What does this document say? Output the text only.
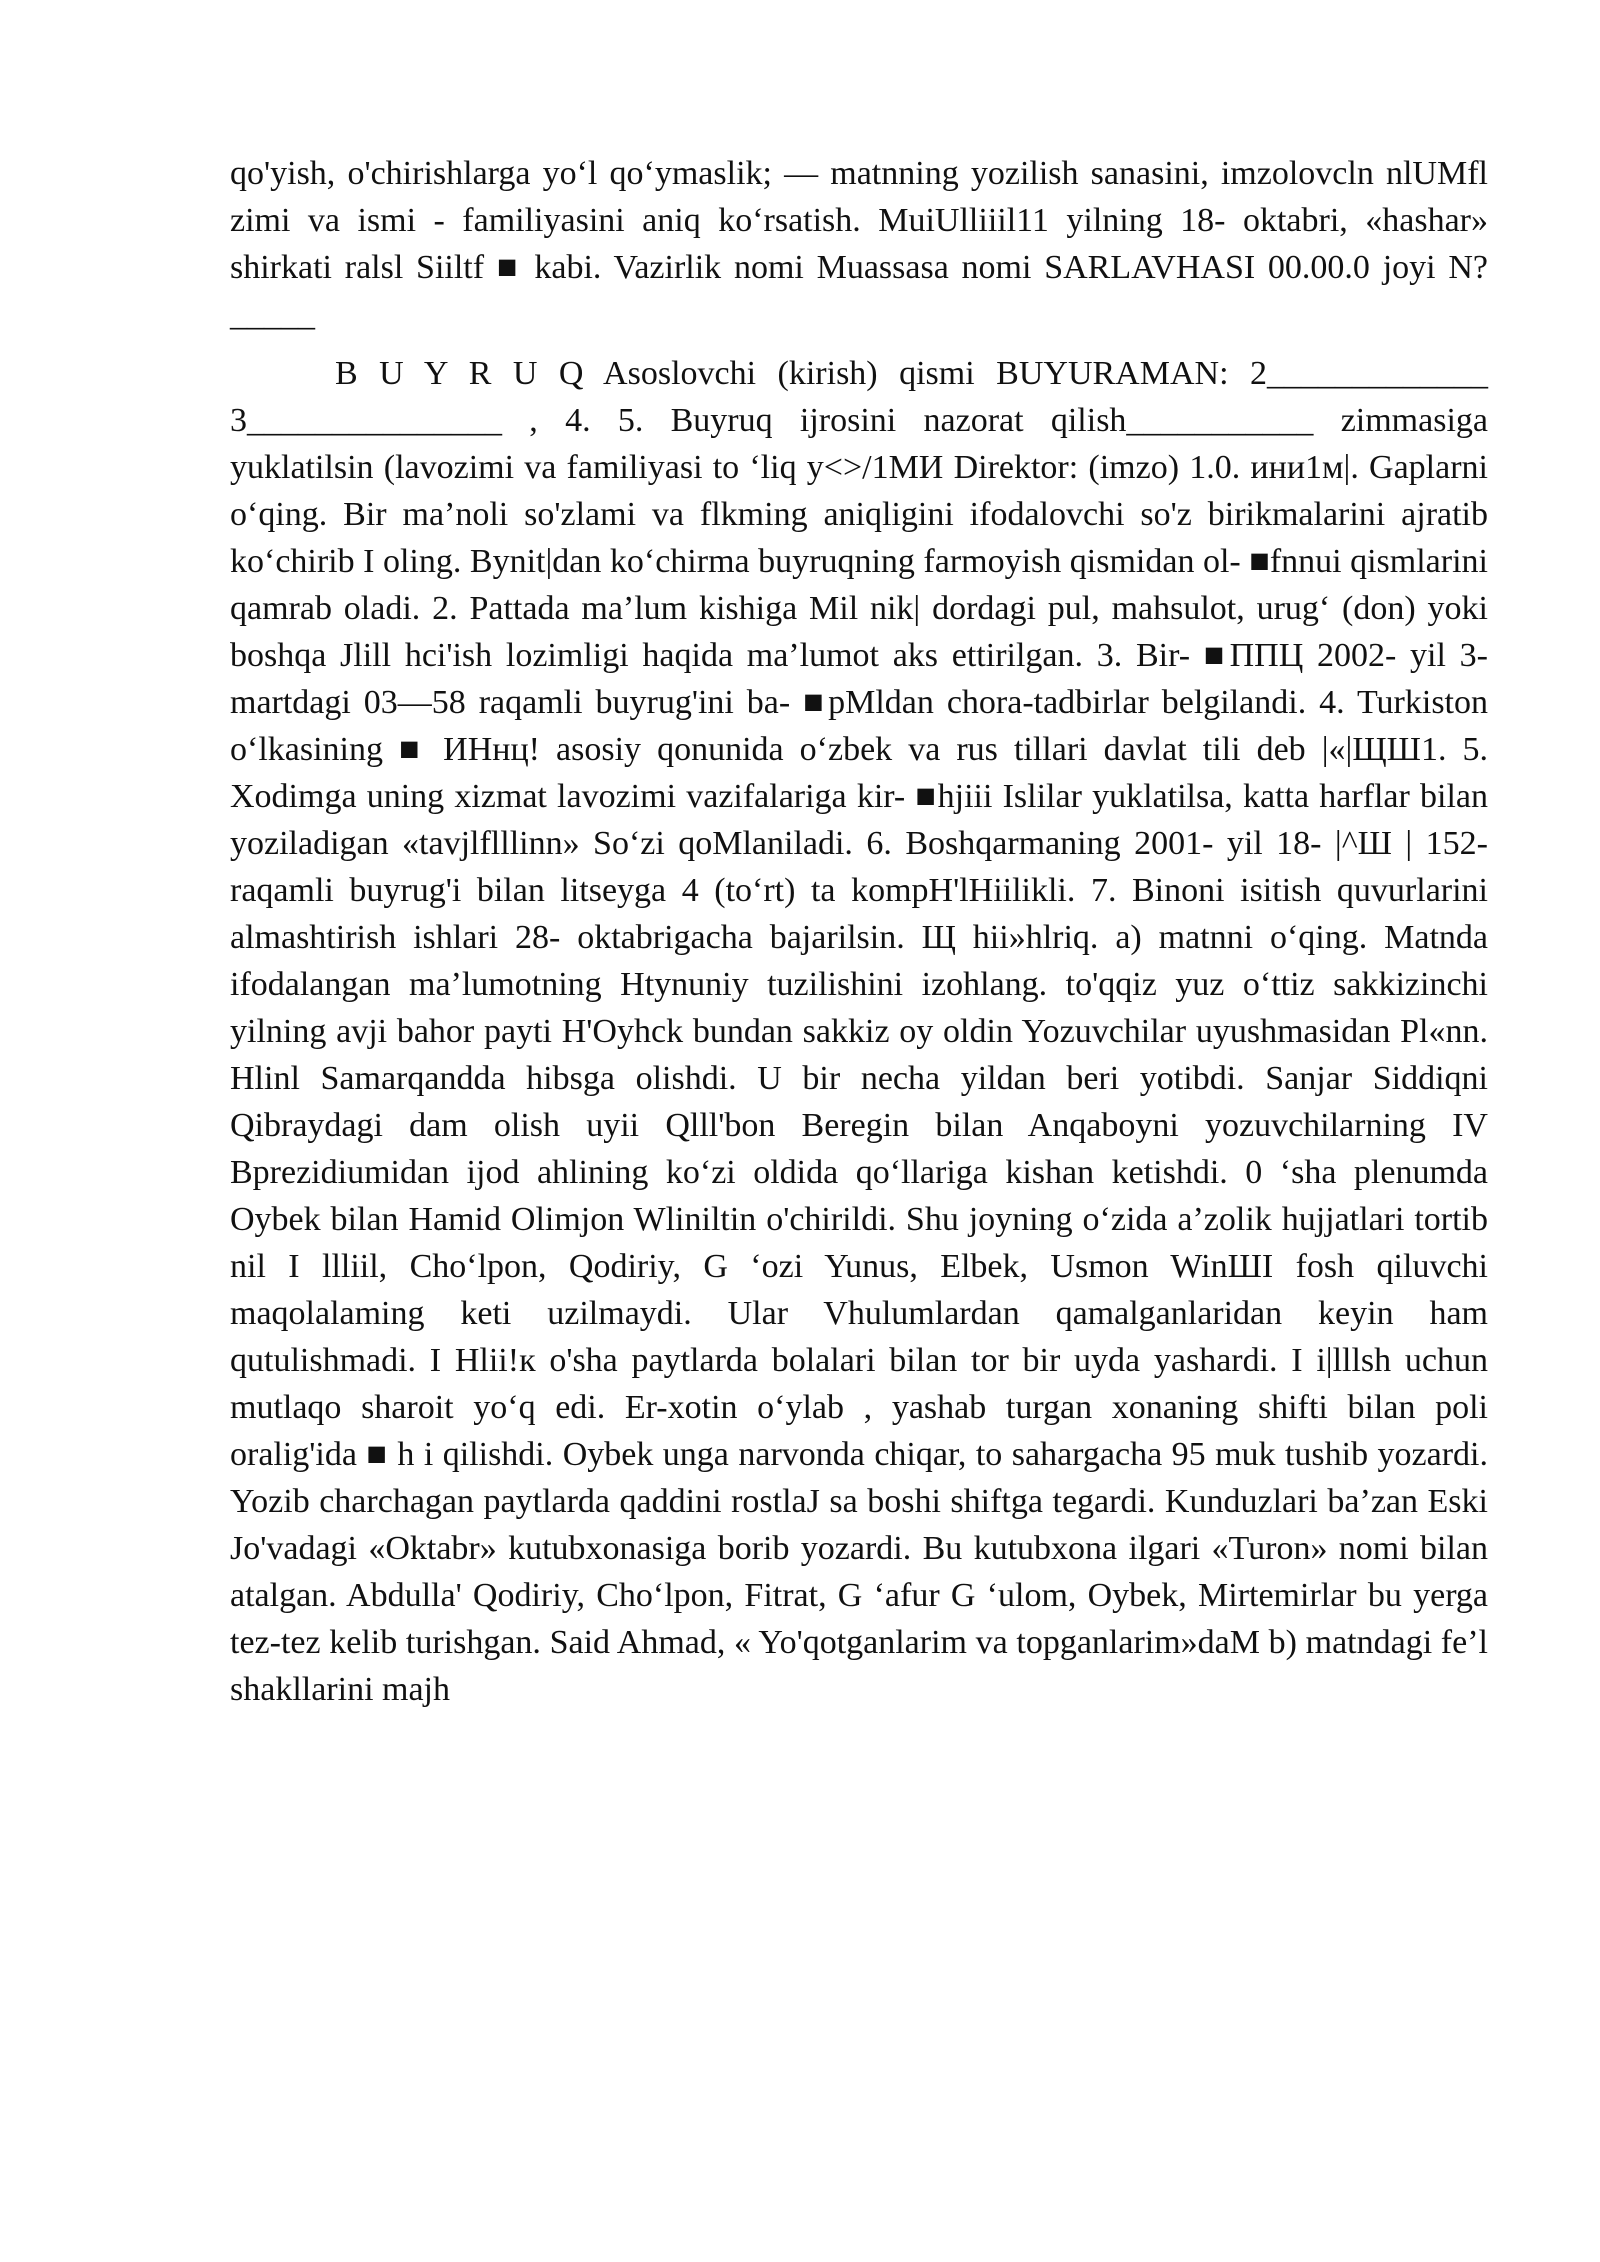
qo'yish, o'chirishlarga yo‘l qo‘ymaslik; — matnning yozilish sanasini, imzolovcln nlUMfl zimi va ismi - familiyasini aniq ko‘rsatish. MuiUlliiil11 yilning 18- oktabri, «hashar» shirkati ralsl Siiltf ■ kabi. Vazirlik nomi Muassasa nomi SARLAVHASI 00.00.0 joyi N?_____

B U Y R U Q Asoslovchi (kirish) qismi BUYURAMAN: 2_____________ 3_______________ , 4. 5. Buyruq ijrosini nazorat qilish___________ zimmasiga yuklatilsin (lavozimi va familiyasi to ‘liq y<>/1МИ Direktor: (imzo) 1.0. ини1м|. Gaplarni o‘qing. Bir ma’noli so'zlami va flkming aniqligini ifodalovchi so'z birikmalarini ajratib ko‘chirib I oling. Bynit|dan ko‘chirma buyruqning farmoyish qismidan ol- ■fnnui qismlarini qamrab oladi. 2. Pattada ma’lum kishiga Mil nik| dordagi pul, mahsulot, urug‘ (don) yoki boshqa Jlill hci'ish lozimligi haqida ma’lumot aks ettirilgan. 3. Bir- ■ППЦ 2002- yil 3- martdagi 03—58 raqamli buyrug'ini ba- ■pMldan chora-tadbirlar belgilandi. 4. Turkiston o‘lkasining ■ ИНнц! asosiy qonunida o‘zbek va rus tillari davlat tili deb |«|ЩШ1. 5. Xodimga uning xizmat lavozimi vazifalariga kir- ■hjiii Islilar yuklatilsa, katta harflar bilan yoziladigan «tavjlflllinn» So‘zi qoMlaniladi. 6. Boshqarmaning 2001- yil 18- |^Ш | 152- raqamli buyrug'i bilan litseyga 4 (to‘rt) ta kompH'lHiilikli. 7. Binoni isitish quvurlarini almashtirish ishlari 28- oktabrigacha bajarilsin. Щ hii»hlriq. a) matnni o‘qing. Matnda ifodalangan ma’lumotning Htynuniy tuzilishini izohlang. to'qqiz yuz o‘ttiz sakkizinchi yilning avji bahor payti H'Oyhck bundan sakkiz oy oldin Yozuvchilar uyushmasidan Pl«nn. Hlinl Samarqandda hibsga olishdi. U bir necha yildan beri yotibdi. Sanjar Siddiqni Qibraydagi dam olish uyii Qlll'bon Beregin bilan Anqaboyni yozuvchilarning IV Bprezidiumidan ijod ahlining ko‘zi oldida qo‘llariga kishan ketishdi. 0 ‘sha plenumda Oybek bilan Hamid Olimjon Wliniltin o'chirildi. Shu joyning o‘zida a’zolik hujjatlari tortib nil I llliil, Cho‘lpon, Qodiriy, G ‘ozi Yunus, Elbek, Usmon WinШI fosh qiluvchi maqolalaming keti uzilmaydi. Ular Vhulumlardan qamalganlaridan keyin ham qutulishmadi. I Hlii!к o'sha paytlarda bolalari bilan tor bir uyda yashardi. I i|lllsh uchun mutlaqo sharoit yo‘q edi. Er-xotin o‘ylab , yashab turgan xonaning shifti bilan poli oralig'ida ■ h i qilishdi. Oybek unga narvonda chiqar, to sahargacha 95 muk tushib yozardi. Yozib charchagan paytlarda qaddini rostlaJ sa boshi shiftga tegardi. Kunduzlari ba’zan Eski Jo'vadagi «Oktabr» kutubxonasiga borib yozardi. Bu kutubxona ilgari «Turon» nomi bilan atalgan. Abdulla' Qodiriy, Cho‘lpon, Fitrat, G ‘afur G ‘ulom, Oybek, Mirtemirlar bu yerga tez-tez kelib turishgan. Said Ahmad, « Yo'qotganlarim va topganlarim»daM b) matndagi fe’l shakllarini majh
